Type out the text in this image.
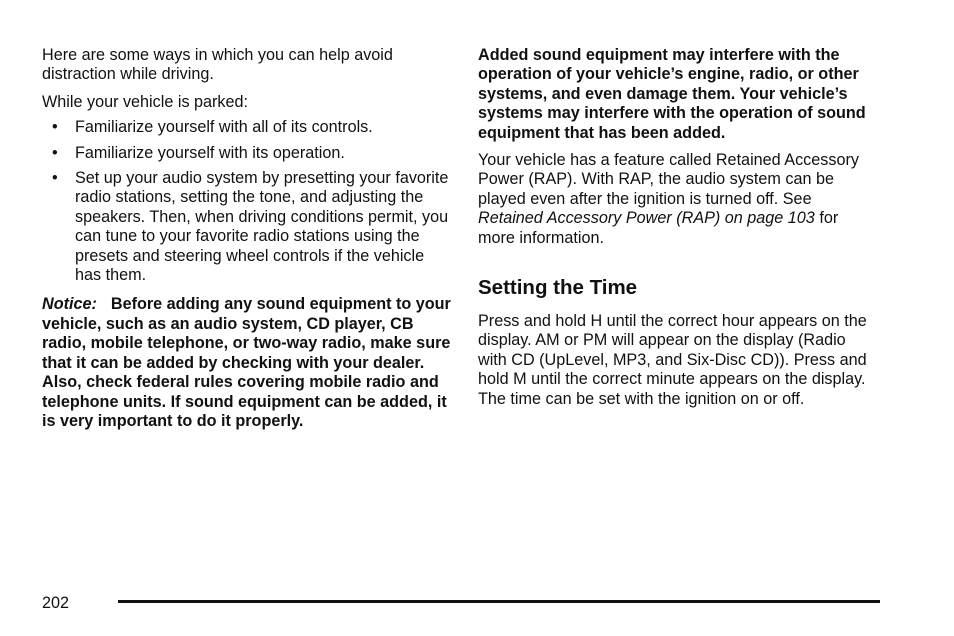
Here are some ways in which you can help avoid distraction while driving.

While your vehicle is parked:

• Familiarize yourself with all of its controls.
• Familiarize yourself with its operation.
• Set up your audio system by presetting your favorite radio stations, setting the tone, and adjusting the speakers. Then, when driving conditions permit, you can tune to your favorite radio stations using the presets and steering wheel controls if the vehicle has them.

Notice: Before adding any sound equipment to your vehicle, such as an audio system, CD player, CB radio, mobile telephone, or two-way radio, make sure that it can be added by checking with your dealer. Also, check federal rules covering mobile radio and telephone units. If sound equipment can be added, it is very important to do it properly.

Added sound equipment may interfere with the operation of your vehicle’s engine, radio, or other systems, and even damage them. Your vehicle’s systems may interfere with the operation of sound equipment that has been added.

Your vehicle has a feature called Retained Accessory Power (RAP). With RAP, the audio system can be played even after the ignition is turned off. See Retained Accessory Power (RAP) on page 103 for more information.

Setting the Time

Press and hold H until the correct hour appears on the display. AM or PM will appear on the display (Radio with CD (UpLevel, MP3, and Six-Disc CD)). Press and hold M until the correct minute appears on the display. The time can be set with the ignition on or off.

202
